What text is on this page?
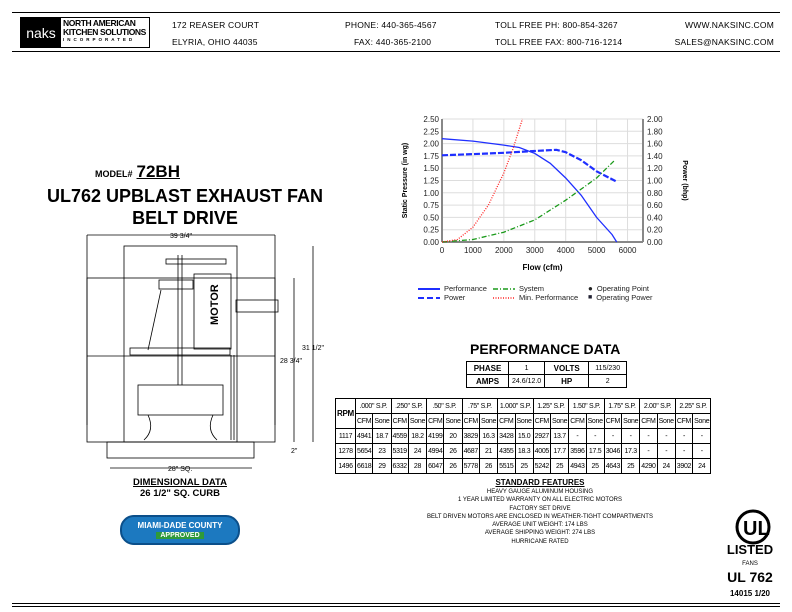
naks
NORTH AMERICAN
KITCHEN SOLUTIONS
INCORPORATED
172 REASER COURT
ELYRIA, OHIO 44035
PHONE: 440-365-4567
FAX: 440-365-2100
TOLL FREE PH: 800-854-3267
TOLL FREE FAX: 800-716-1214
WWW.NAKSINC.COM
SALES@NAKSINC.COM
MODEL# 72BH
UL762 UPBLAST EXHAUST FAN
BELT DRIVE
39 3/4"
MOTOR
28 3/4"
31 1/2"
2"
28" SQ.
DIMENSIONAL DATA
26 1/2" SQ. CURB
MIAMI-DADE COUNTY
APPROVED
0 1000 2000 3000 4000 5000 6000
0.00
0.25
0.50
0.75
1.00
1.25
1.50
1.75
2.00
2.25
2.50
0.00
0.20
0.40
0.60
0.80
1.00
1.20
1.40
1.60
1.80
2.00
Flow (cfm)
Static Pressure (in wg)	Power (bhp)
Performance
Power
System
Min. Performance
● Operating Point
■ Operating Power
PERFORMANCE DATA
PHASE	1	VOLTS	115/230
AMPS	24.6/12.0	HP	2
RPM	.000" S.P.		.250" S.P.		.50" S.P.		.75" S.P.		1.000" S.P.		1.25" S.P.		1.50" S.P.		1.75" S.P.		2.00" S.P.		2.25" S.P.	
	CFM	Sone	CFM	Sone	CFM	Sone	CFM	Sone	CFM	Sone	CFM	Sone	CFM	Sone	CFM	Sone	CFM	Sone	CFM	Sone
1117	4941	18.7	4559	18.2	4199	20	3829	16.3	3428	15.0	2927	13.7	-	-	-	-	-	-	-	-
1278	5654	23	5319	24	4994	26	4687	21	4355	18.3	4005	17.7	3596	17.5	3046	17.3	-	-	-	-
1496	6618	29	6332	28	6047	26	5778	26	5515	25	5242	25	4943	25	4643	25	4290	24	3902	24
STANDARD FEATURES
HEAVY GAUGE ALUMINUM HOUSING
1 YEAR LIMITED WARRANTY ON ALL ELECTRIC MOTORS
FACTORY SET DRIVE
BELT DRIVEN MOTORS ARE ENCLOSED IN WEATHER-TIGHT COMPARTMENTS
AVERAGE UNIT WEIGHT: 174 LBS
AVERAGE SHIPPING WEIGHT: 274 LBS
HURRICANE RATED
UL
LISTED
FANS
UL 762
14015 1/20
